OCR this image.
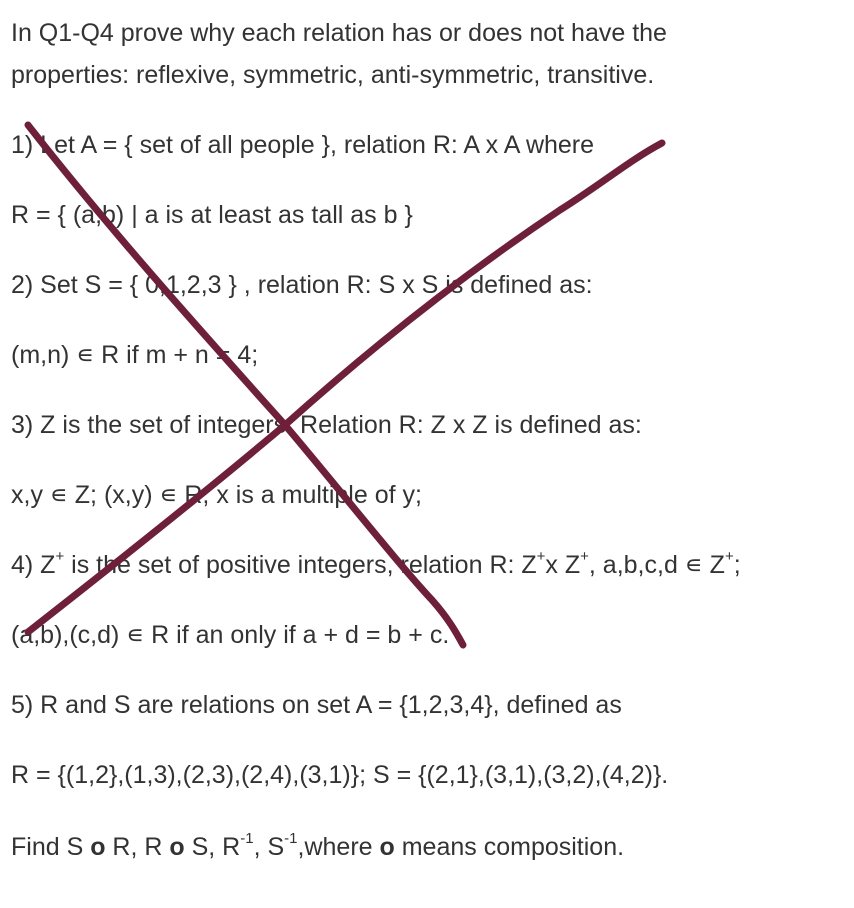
In Q1-Q4 prove why each relation has or does not have the

properties: reflexive, symmetric, anti-symmetric, transitive.

1) Let A = { set of all people }, relation R: A x A where

R = { (a,b) | a is at least as tall as b }

2) Set S = { 0,1,2,3 } , relation R: S x S is defined as:

(m,n) ∊ R if m + n = 4;

3) Z is the set of integers. Relation R: Z x Z is defined as:

x,y ∊ Z; (x,y) ∊ R, x is a multiple of y;

4) Z+ is the set of positive integers, relation R: Z+x Z+, a,b,c,d ∊ Z+;

(a,b),(c,d) ∊ R if an only if a + d = b + c.

5) R and S are relations on set A = {1,2,3,4}, defined as

R = {(1,2},(1,3),(2,3),(2,4),(3,1)}; S = {(2,1},(3,1),(3,2),(4,2)}.

Find S o R, R o S, $R^{-1}$, $S^{-1},where$ o means composition.
